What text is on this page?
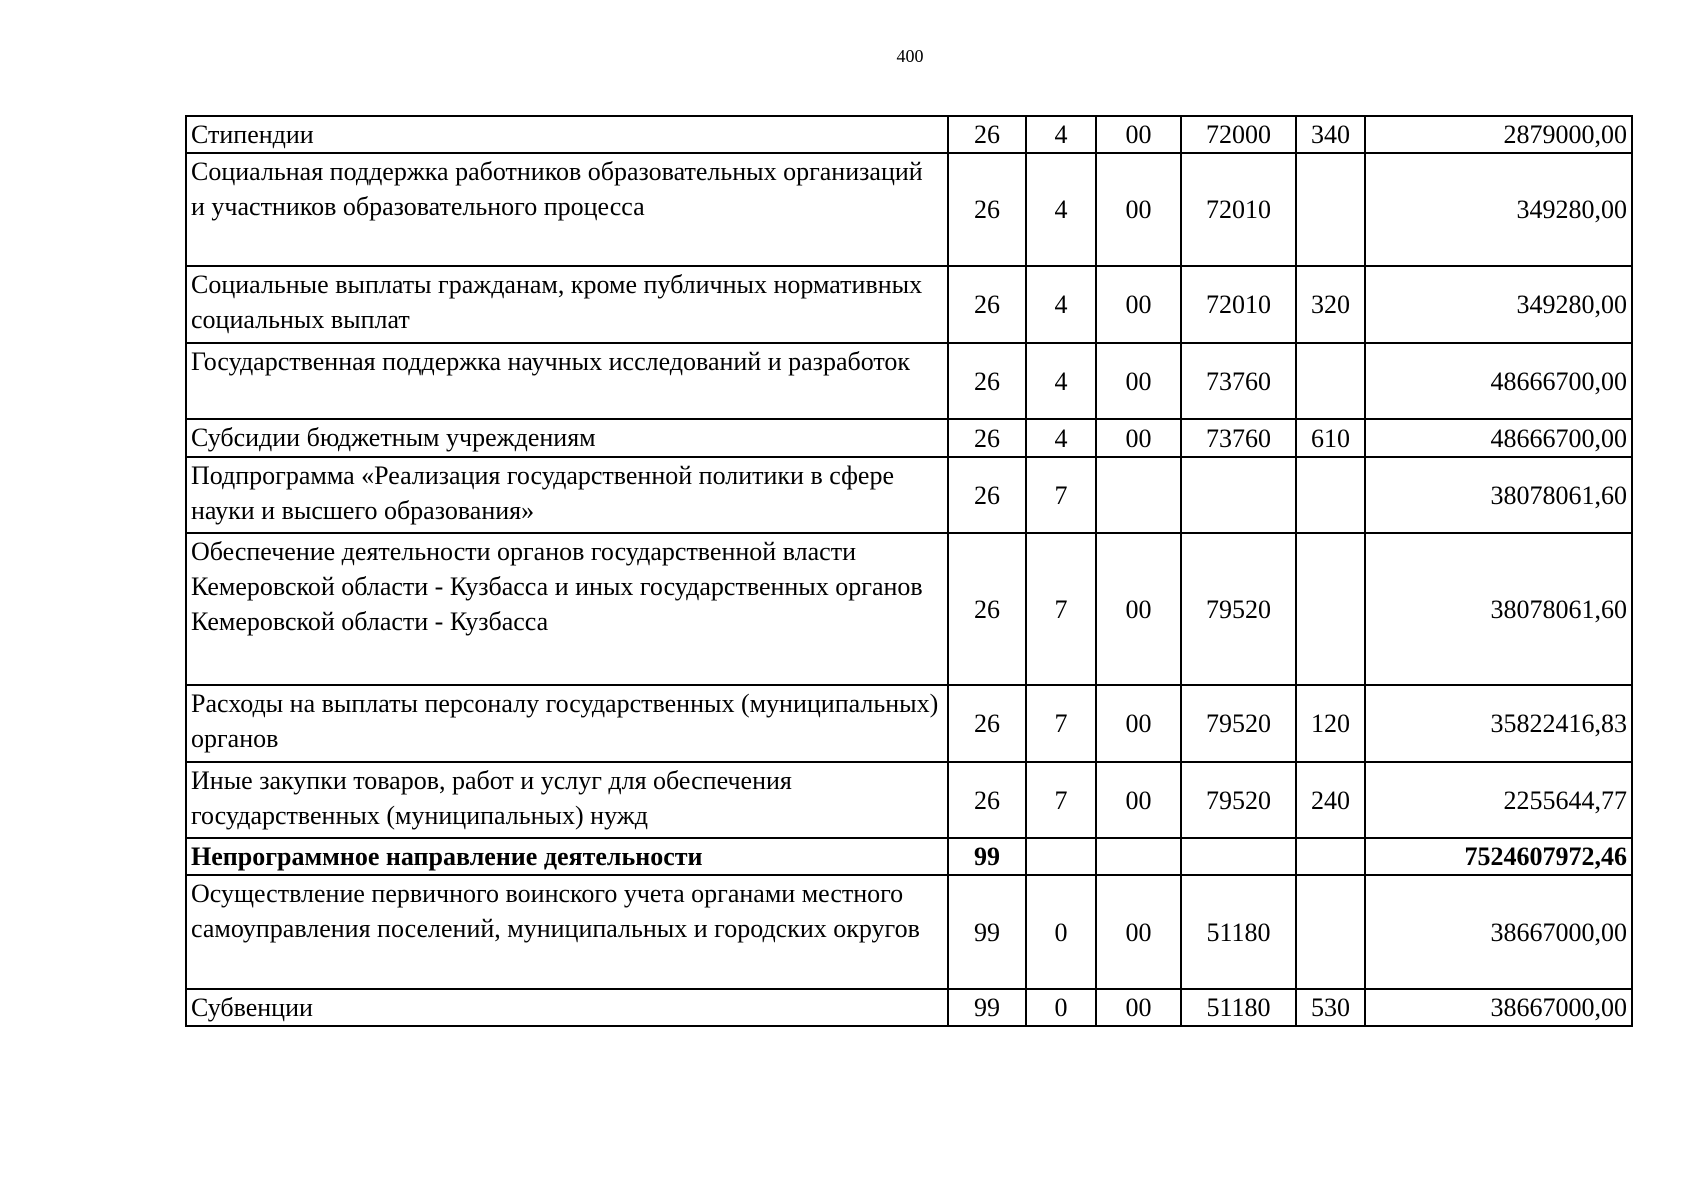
400
Стипендии	26	4	00	72000	340	2879000,00
Социальная поддержка работников образовательных организаций и участников образовательного процесса	26	4	00	72010		349280,00
Социальные выплаты гражданам, кроме публичных нормативных социальных выплат	26	4	00	72010	320	349280,00
Государственная поддержка научных исследований и разработок	26	4	00	73760		48666700,00
Субсидии бюджетным учреждениям	26	4	00	73760	610	48666700,00
Подпрограмма «Реализация государственной политики в сфере науки и высшего образования»	26	7				38078061,60
Обеспечение деятельности органов государственной власти Кемеровской области - Кузбасса и иных государственных органов Кемеровской области - Кузбасса	26	7	00	79520		38078061,60
Расходы на выплаты персоналу государственных (муниципальных) органов	26	7	00	79520	120	35822416,83
Иные закупки товаров, работ и услуг для обеспечения государственных (муниципальных) нужд	26	7	00	79520	240	2255644,77
Непрограммное направление деятельности	99					7524607972,46
Осуществление первичного воинского учета органами местного самоуправления поселений, муниципальных и городских округов	99	0	00	51180		38667000,00
Субвенции	99	0	00	51180	530	38667000,00
